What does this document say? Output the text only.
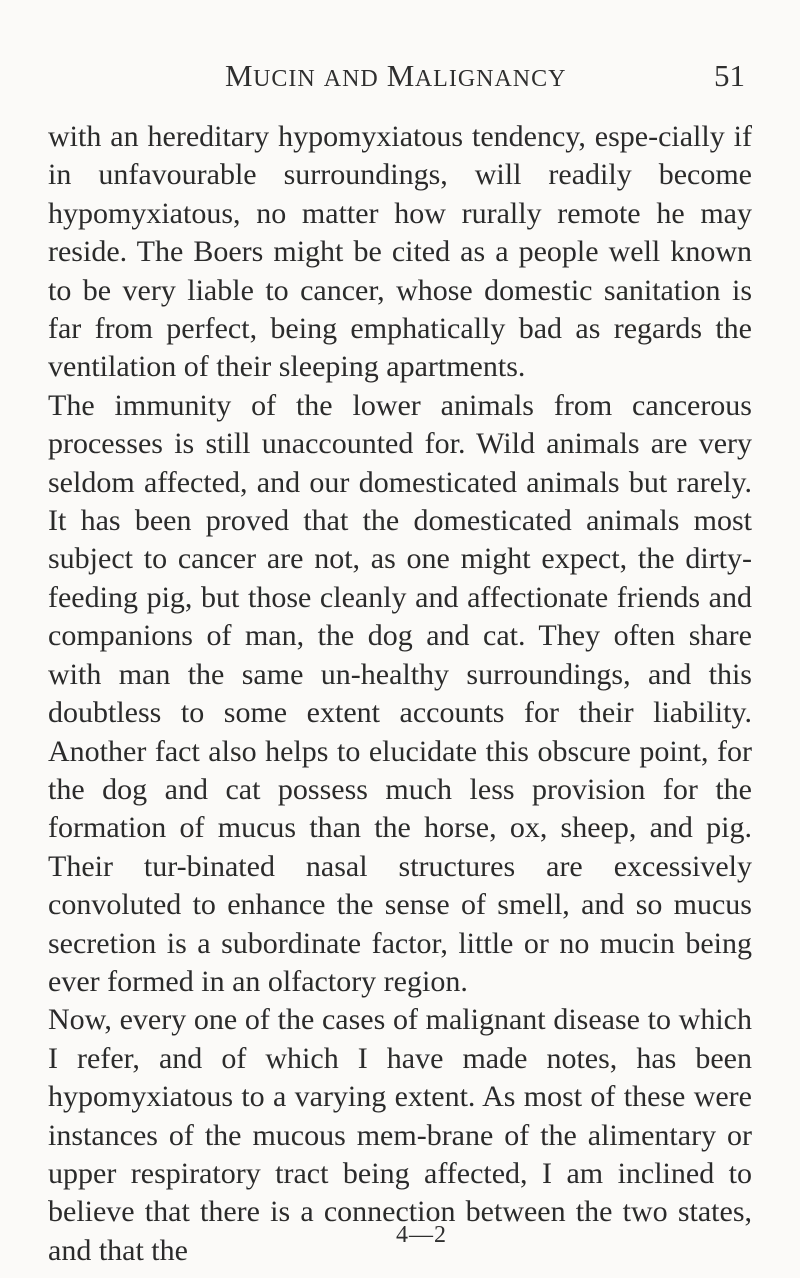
MUCIN AND MALIGNANCY	51

with an hereditary hypomyxiatous tendency, espe-cially if in unfavourable surroundings, will readily become hypomyxiatous, no matter how rurally remote he may reside. The Boers might be cited as a people well known to be very liable to cancer, whose domestic sanitation is far from perfect, being emphatically bad as regards the ventilation of their sleeping apartments.

The immunity of the lower animals from cancerous processes is still unaccounted for. Wild animals are very seldom affected, and our domesticated animals but rarely. It has been proved that the domesticated animals most subject to cancer are not, as one might expect, the dirty-feeding pig, but those cleanly and affectionate friends and companions of man, the dog and cat. They often share with man the same un-healthy surroundings, and this doubtless to some extent accounts for their liability. Another fact also helps to elucidate this obscure point, for the dog and cat possess much less provision for the formation of mucus than the horse, ox, sheep, and pig. Their tur-binated nasal structures are excessively convoluted to enhance the sense of smell, and so mucus secretion is a subordinate factor, little or no mucin being ever formed in an olfactory region.

Now, every one of the cases of malignant disease to which I refer, and of which I have made notes, has been hypomyxiatous to a varying extent. As most of these were instances of the mucous mem-brane of the alimentary or upper respiratory tract being affected, I am inclined to believe that there is a connection between the two states, and that the	4—2
